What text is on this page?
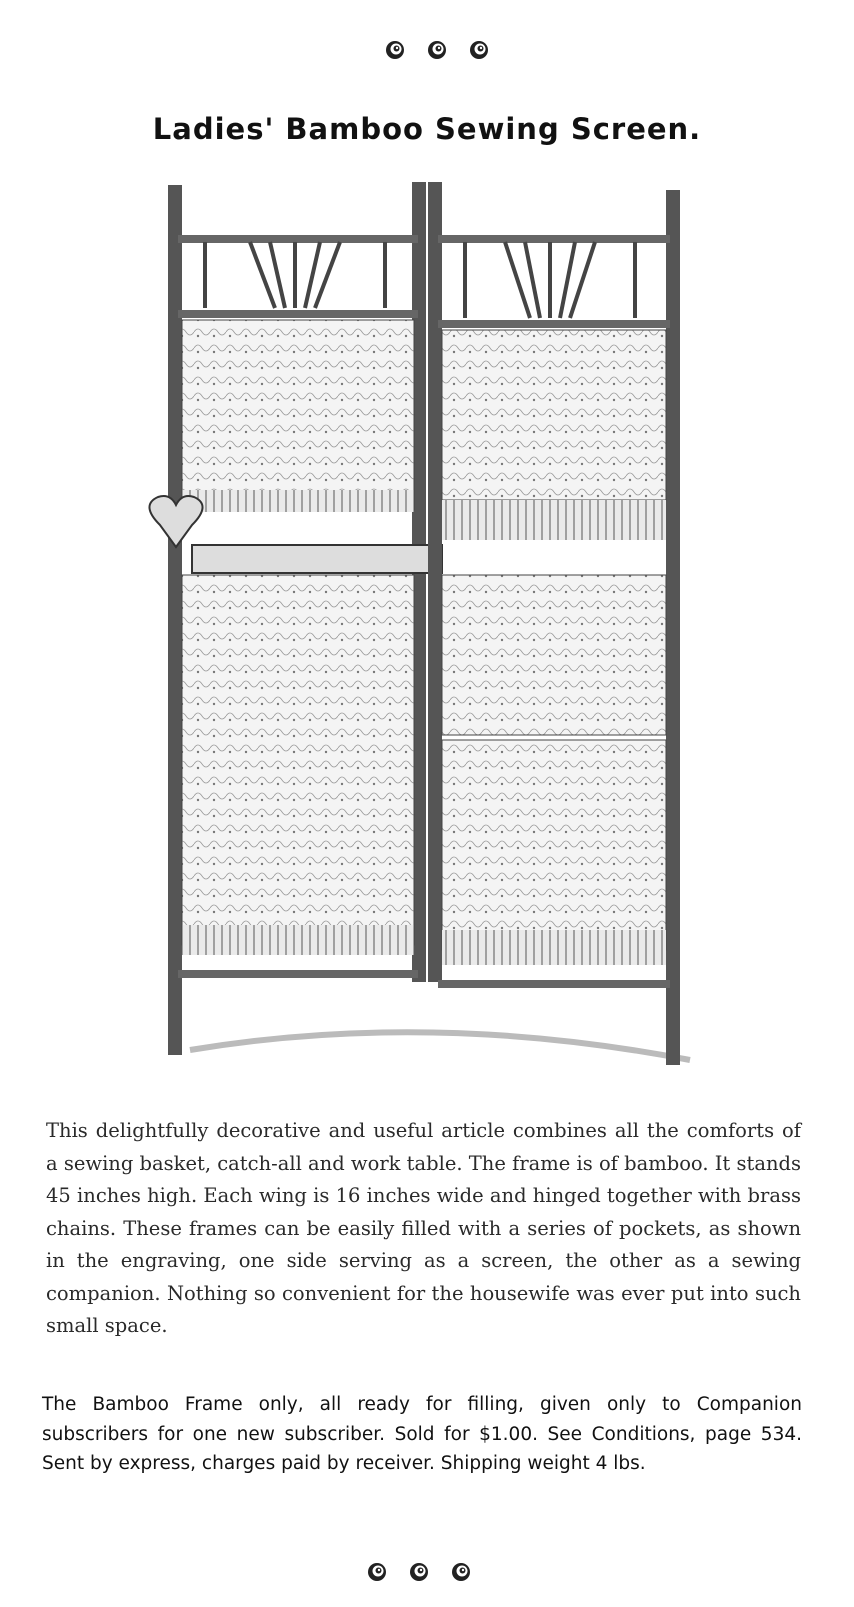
Ladies' Bamboo Sewing Screen.

This delightfully decorative and useful article combines all the comforts of a sewing basket, catch-all and work table. The frame is of bamboo. It stands 45 inches high. Each wing is 16 inches wide and hinged together with brass chains. These frames can be easily filled with a series of pockets, as shown in the engraving, one side serving as a screen, the other as a sewing companion. Nothing so convenient for the housewife was ever put into such small space.

The Bamboo Frame only, all ready for filling, given only to Companion subscribers for one new subscriber. Sold for $1.00. See Conditions, page 534. Sent by express, charges paid by receiver. Shipping weight 4 lbs.
